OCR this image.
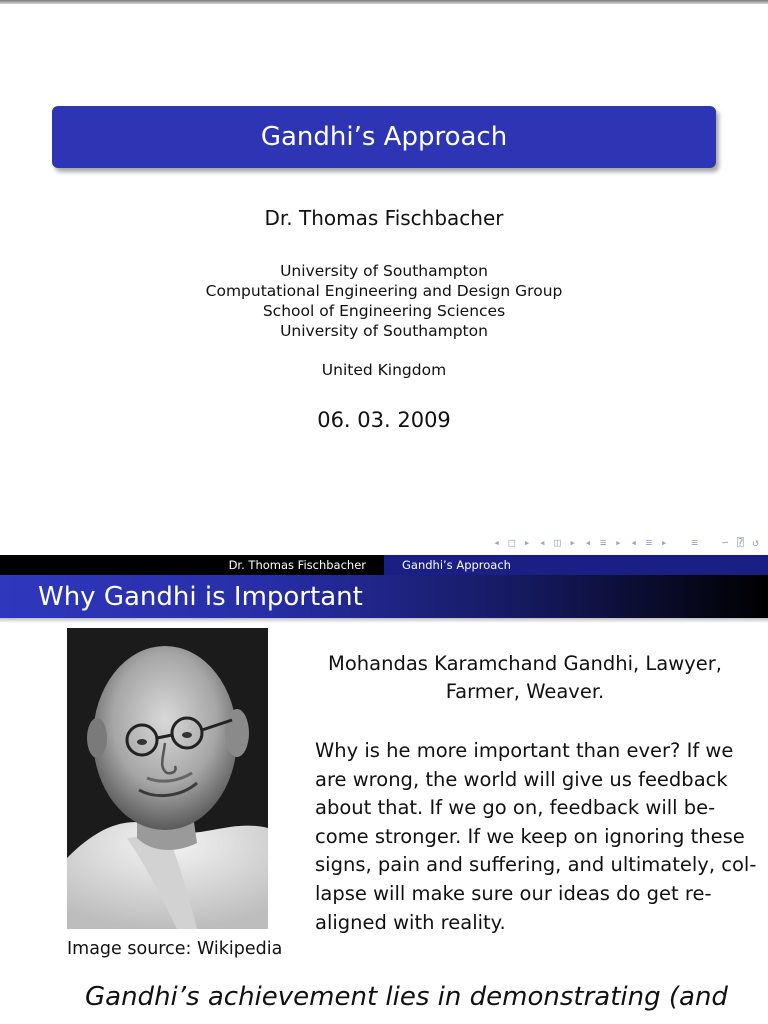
Gandhi’s Approach
Dr. Thomas Fischbacher
University of Southampton
Computational Engineering and Design Group
School of Engineering Sciences
University of Southampton
United Kingdom
06. 03. 2009
◂ □ ▸ ◂ ◫ ▸ ◂ ≡ ▸ ◂ ≡ ▸   ≡   ∽ ⍰ ↺
Dr. Thomas Fischbacher	Gandhi’s Approach
Why Gandhi is Important
Image source: Wikipedia
Mohandas Karamchand Gandhi, Lawyer,
Farmer, Weaver.
Why is he more important than ever? If we
are wrong, the world will give us feedback
about that. If we go on, feedback will be-
come stronger. If we keep on ignoring these
signs, pain and suffering, and ultimately, col-
lapse will make sure our ideas do get re-
aligned with reality.
Gandhi’s achievement lies in demonstrating (and
